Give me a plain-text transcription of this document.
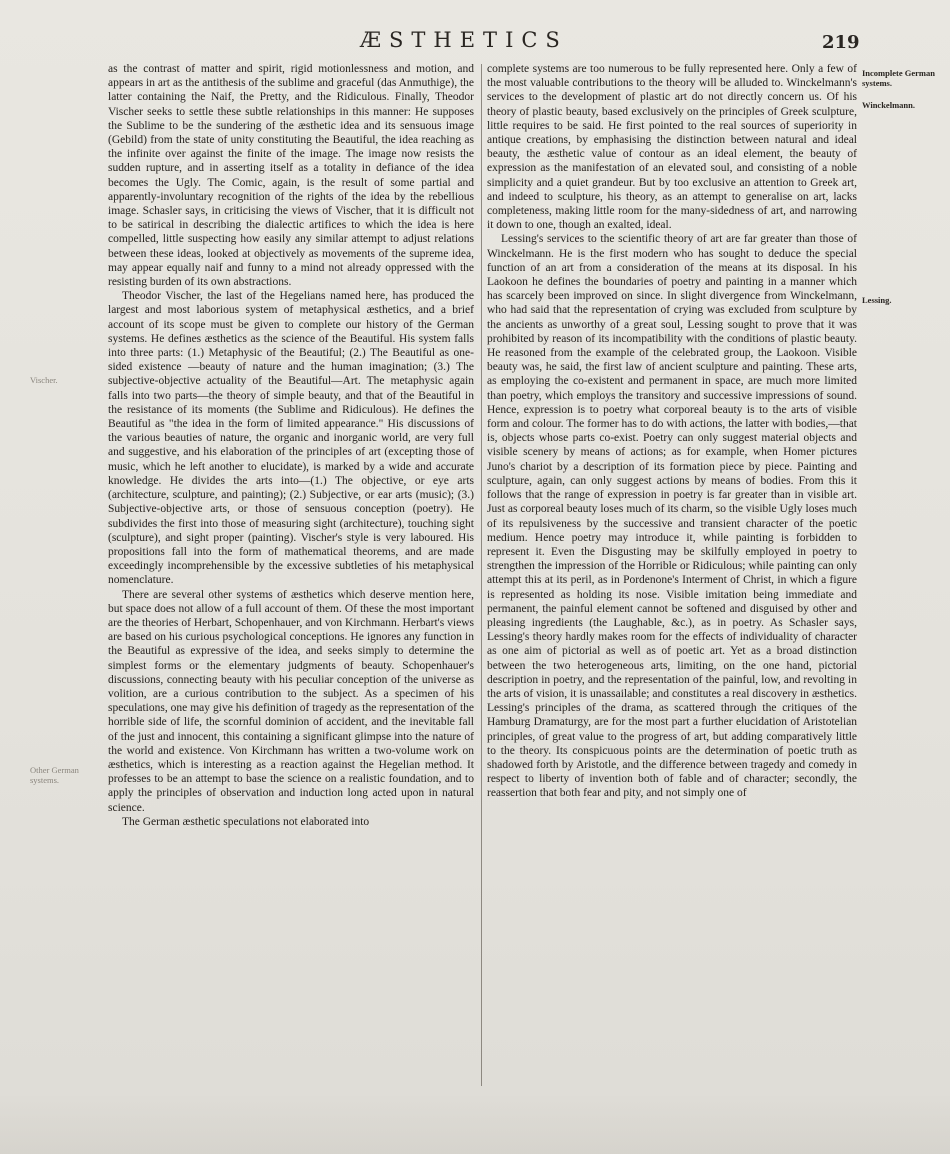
ÆSTHETICS	219

as the contrast of matter and spirit, rigid motionlessness and motion, and appears in art as the antithesis of the sublime and graceful (das Anmuthige), the latter containing the Naif, the Pretty, and the Ridiculous. Finally, Theodor Vischer seeks to settle these subtle relationships in this manner: He supposes the Sublime to be the sundering of the æsthetic idea and its sensuous image (Gebild) from the state of unity constituting the Beautiful, the idea reaching as the infinite over against the finite of the image. The image now resists the sudden rupture, and in asserting itself as a totality in defiance of the idea becomes the Ugly. The Comic, again, is the result of some partial and apparently-involuntary recognition of the rights of the idea by the rebellious image. Schasler says, in criticising the views of Vischer, that it is difficult not to be satirical in describing the dialectic artifices to which the idea is here compelled, little suspecting how easily any similar attempt to adjust relations between these ideas, looked at objectively as movements of the supreme idea, may appear equally naif and funny to a mind not already oppressed with the resisting burden of its own abstractions.

Theodor Vischer, the last of the Hegelians named here, has produced the largest and most laborious system of metaphysical æsthetics, and a brief account of its scope must be given to complete our history of the German systems. He defines æsthetics as the science of the Beautiful. His system falls into three parts: (1.) Metaphysic of the Beautiful; (2.) The Beautiful as one-sided existence —beauty of nature and the human imagination; (3.) The subjective-objective actuality of the Beautiful—Art. The metaphysic again falls into two parts—the theory of simple beauty, and that of the Beautiful in the resistance of its moments (the Sublime and Ridiculous). He defines the Beautiful as "the idea in the form of limited appearance." His discussions of the various beauties of nature, the organic and inorganic world, are very full and suggestive, and his elaboration of the principles of art (excepting those of music, which he left another to elucidate), is marked by a wide and accurate knowledge. He divides the arts into—(1.) The objective, or eye arts (architecture, sculpture, and painting); (2.) Subjective, or ear arts (music); (3.) Subjective-objective arts, or those of sensuous conception (poetry). He subdivides the first into those of measuring sight (architecture), touching sight (sculpture), and sight proper (painting). Vischer's style is very laboured. His propositions fall into the form of mathematical theorems, and are made exceedingly incomprehensible by the excessive subtleties of his metaphysical nomenclature.

There are several other systems of æsthetics which deserve mention here, but space does not allow of a full account of them. Of these the most important are the theories of Herbart, Schopenhauer, and von Kirchmann. Herbart's views are based on his curious psychological conceptions. He ignores any function in the Beautiful as expressive of the idea, and seeks simply to determine the simplest forms or the elementary judgments of beauty. Schopenhauer's discussions, connecting beauty with his peculiar conception of the universe as volition, are a curious contribution to the subject. As a specimen of his speculations, one may give his definition of tragedy as the representation of the horrible side of life, the scornful dominion of accident, and the inevitable fall of the just and innocent, this containing a significant glimpse into the nature of the world and existence. Von Kirchmann has written a two-volume work on æsthetics, which is interesting as a reaction against the Hegelian method. It professes to be an attempt to base the science on a realistic foundation, and to apply the principles of observation and induction long acted upon in natural science.

The German æsthetic speculations not elaborated into

complete systems are too numerous to be fully represented here. Only a few of the most valuable contributions to the theory will be alluded to. Winckelmann's services to the development of plastic art do not directly concern us. Of his theory of plastic beauty, based exclusively on the principles of Greek sculpture, little requires to be said. He first pointed to the real sources of superiority in antique creations, by emphasising the distinction between natural and ideal beauty, the æsthetic value of contour as an ideal element, the beauty of expression as the manifestation of an elevated soul, and consisting of a noble simplicity and a quiet grandeur. But by too exclusive an attention to Greek art, and indeed to sculpture, his theory, as an attempt to generalise on art, lacks completeness, making little room for the many-sidedness of art, and narrowing it down to one, though an exalted, ideal.

Lessing's services to the scientific theory of art are far greater than those of Winckelmann. He is the first modern who has sought to deduce the special function of an art from a consideration of the means at its disposal. In his Laokoon he defines the boundaries of poetry and painting in a manner which has scarcely been improved on since. In slight divergence from Winckelmann, who had said that the representation of crying was excluded from sculpture by the ancients as unworthy of a great soul, Lessing sought to prove that it was prohibited by reason of its incompatibility with the conditions of plastic beauty. He reasoned from the example of the celebrated group, the Laokoon. Visible beauty was, he said, the first law of ancient sculpture and painting. These arts, as employing the co-existent and permanent in space, are much more limited than poetry, which employs the transitory and successive impressions of sound. Hence, expression is to poetry what corporeal beauty is to the arts of visible form and colour. The former has to do with actions, the latter with bodies,—that is, objects whose parts co-exist. Poetry can only suggest material objects and visible scenery by means of actions; as for example, when Homer pictures Juno's chariot by a description of its formation piece by piece. Painting and sculpture, again, can only suggest actions by means of bodies. From this it follows that the range of expression in poetry is far greater than in visible art. Just as corporeal beauty loses much of its charm, so the visible Ugly loses much of its repulsiveness by the successive and transient character of the poetic medium. Hence poetry may introduce it, while painting is forbidden to represent it. Even the Disgusting may be skilfully employed in poetry to strengthen the impression of the Horrible or Ridiculous; while painting can only attempt this at its peril, as in Pordenone's Interment of Christ, in which a figure is represented as holding its nose. Visible imitation being immediate and permanent, the painful element cannot be softened and disguised by other and pleasing ingredients (the Laughable, &c.), as in poetry. As Schasler says, Lessing's theory hardly makes room for the effects of individuality of character as one aim of pictorial as well as of poetic art. Yet as a broad distinction between the two heterogeneous arts, limiting, on the one hand, pictorial description in poetry, and the representation of the painful, low, and revolting in the arts of vision, it is unassailable; and constitutes a real discovery in æsthetics. Lessing's principles of the drama, as scattered through the critiques of the Hamburg Dramaturgy, are for the most part a further elucidation of Aristotelian principles, of great value to the progress of art, but adding comparatively little to the theory. Its conspicuous points are the determination of poetic truth as shadowed forth by Aristotle, and the difference between tragedy and comedy in respect to liberty of invention both of fable and of character; secondly, the reassertion that both fear and pity, and not simply one of

Incomplete German systems.
Winckelmann.
Lessing.
Vischer.
Other German systems.
